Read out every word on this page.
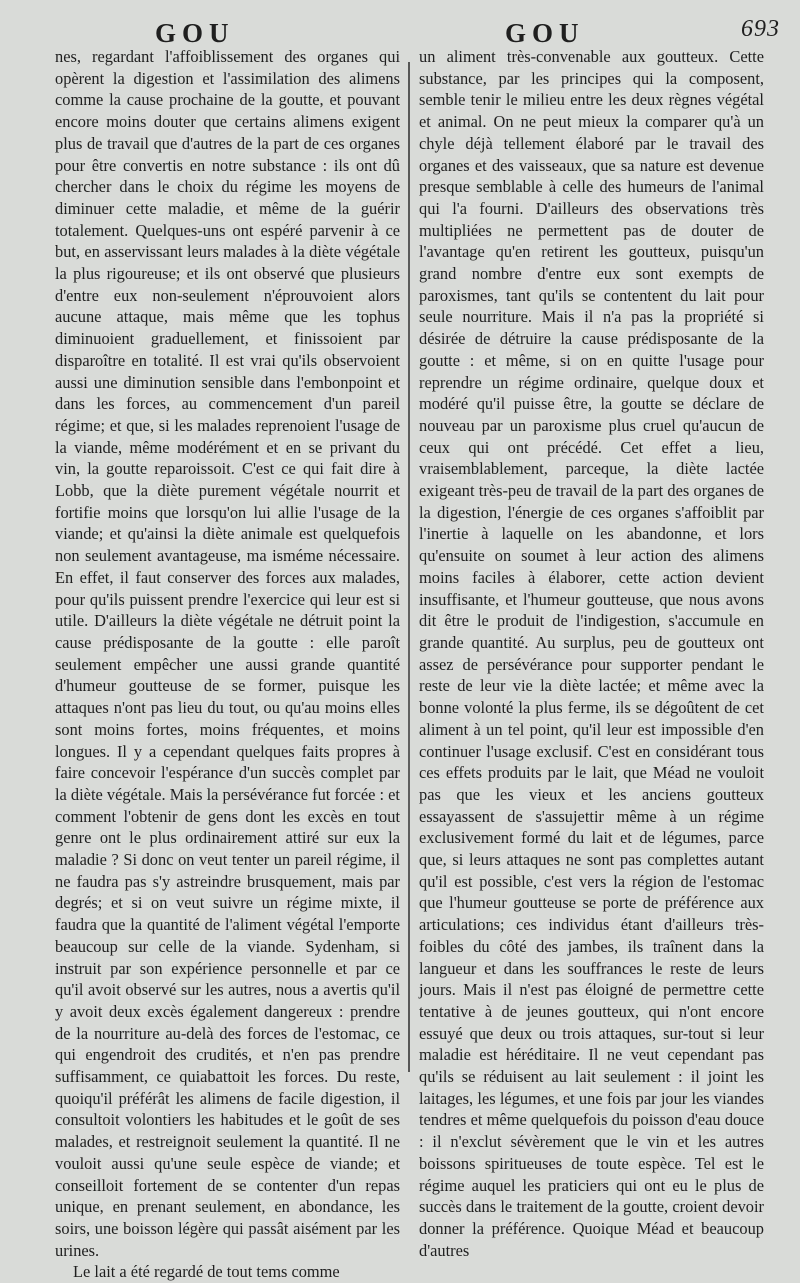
GOU	GOU	693

nes, regardant l'affoiblissement des organes qui opèrent la digestion et l'assimilation des alimens comme la cause prochaine de la goutte, et pouvant encore moins douter que certains alimens exigent plus de travail que d'autres de la part de ces organes pour être convertis en notre substance : ils ont dû chercher dans le choix du régime les moyens de diminuer cette maladie, et même de la guérir totalement. Quelques-uns ont espéré parvenir à ce but, en asservissant leurs malades à la diète végétale la plus rigoureuse; et ils ont observé que plusieurs d'entre eux non-seulement n'éprouvoient alors aucune attaque, mais même que les tophus diminuoient graduellement, et finissoient par disparoître en totalité. Il est vrai qu'ils observoient aussi une diminution sensible dans l'embonpoint et dans les forces, au commencement d'un pareil régime; et que, si les malades reprenoient l'usage de la viande, même modérément et en se privant du vin, la goutte reparoissoit. C'est ce qui fait dire à Lobb, que la diète purement végétale nourrit et fortifie moins que lorsqu'on lui allie l'usage de la viande; et qu'ainsi la diète animale est quelquefois non seulement avantageuse, ma isméme nécessaire. En effet, il faut conserver des forces aux malades, pour qu'ils puissent prendre l'exercice qui leur est si utile. D'ailleurs la diète végétale ne détruit point la cause prédisposante de la goutte : elle paroît seulement empêcher une aussi grande quantité d'humeur goutteuse de se former, puisque les attaques n'ont pas lieu du tout, ou qu'au moins elles sont moins fortes, moins fréquentes, et moins longues. Il y a cependant quelques faits propres à faire concevoir l'espérance d'un succès complet par la diète végétale. Mais la persévérance fut forcée : et comment l'obtenir de gens dont les excès en tout genre ont le plus ordinairement attiré sur eux la maladie ? Si donc on veut tenter un pareil régime, il ne faudra pas s'y astreindre brusquement, mais par degrés; et si on veut suivre un régime mixte, il faudra que la quantité de l'aliment végétal l'emporte beaucoup sur celle de la viande. Sydenham, si instruit par son expérience personnelle et par ce qu'il avoit observé sur les autres, nous a avertis qu'il y avoit deux excès également dangereux : prendre de la nourriture au-delà des forces de l'estomac, ce qui engendroit des crudités, et n'en pas prendre suffisamment, ce quiabattoit les forces. Du reste, quoiqu'il préférât les alimens de facile digestion, il consultoit volontiers les habitudes et le goût de ses malades, et restreignoit seulement la quantité. Il ne vouloit aussi qu'une seule espèce de viande; et conseilloit fortement de se contenter d'un repas unique, en prenant seulement, en abondance, les soirs, une boisson légère qui passât aisément par les urines.

Le lait a été regardé de tout tems comme

un aliment très-convenable aux goutteux. Cette substance, par les principes qui la composent, semble tenir le milieu entre les deux règnes végétal et animal. On ne peut mieux la comparer qu'à un chyle déjà tellement élaboré par le travail des organes et des vaisseaux, que sa nature est devenue presque semblable à celle des humeurs de l'animal qui l'a fourni. D'ailleurs des observations très multipliées ne permettent pas de douter de l'avantage qu'en retirent les goutteux, puisqu'un grand nombre d'entre eux sont exempts de paroxismes, tant qu'ils se contentent du lait pour seule nourriture. Mais il n'a pas la propriété si désirée de détruire la cause prédisposante de la goutte : et même, si on en quitte l'usage pour reprendre un régime ordinaire, quelque doux et modéré qu'il puisse être, la goutte se déclare de nouveau par un paroxisme plus cruel qu'aucun de ceux qui ont précédé. Cet effet a lieu, vraisemblablement, parceque, la diète lactée exigeant très-peu de travail de la part des organes de la digestion, l'énergie de ces organes s'affoiblit par l'inertie à laquelle on les abandonne, et lors qu'ensuite on soumet à leur action des alimens moins faciles à élaborer, cette action devient insuffisante, et l'humeur goutteuse, que nous avons dit être le produit de l'indigestion, s'accumule en grande quantité. Au surplus, peu de goutteux ont assez de persévérance pour supporter pendant le reste de leur vie la diète lactée; et même avec la bonne volonté la plus ferme, ils se dégoûtent de cet aliment à un tel point, qu'il leur est impossible d'en continuer l'usage exclusif. C'est en considérant tous ces effets produits par le lait, que Méad ne vouloit pas que les vieux et les anciens goutteux essayassent de s'assujettir même à un régime exclusivement formé du lait et de légumes, parce que, si leurs attaques ne sont pas complettes autant qu'il est possible, c'est vers la région de l'estomac que l'humeur goutteuse se porte de préférence aux articulations; ces individus étant d'ailleurs très-foibles du côté des jambes, ils traînent dans la langueur et dans les souffrances le reste de leurs jours. Mais il n'est pas éloigné de permettre cette tentative à de jeunes goutteux, qui n'ont encore essuyé que deux ou trois attaques, sur-tout si leur maladie est héréditaire. Il ne veut cependant pas qu'ils se réduisent au lait seulement : il joint les laitages, les légumes, et une fois par jour les viandes tendres et même quelquefois du poisson d'eau douce : il n'exclut sévèrement que le vin et les autres boissons spiritueuses de toute espèce. Tel est le régime auquel les praticiers qui ont eu le plus de succès dans le traitement de la goutte, croient devoir donner la préférence. Quoique Méad et beaucoup d'autres
